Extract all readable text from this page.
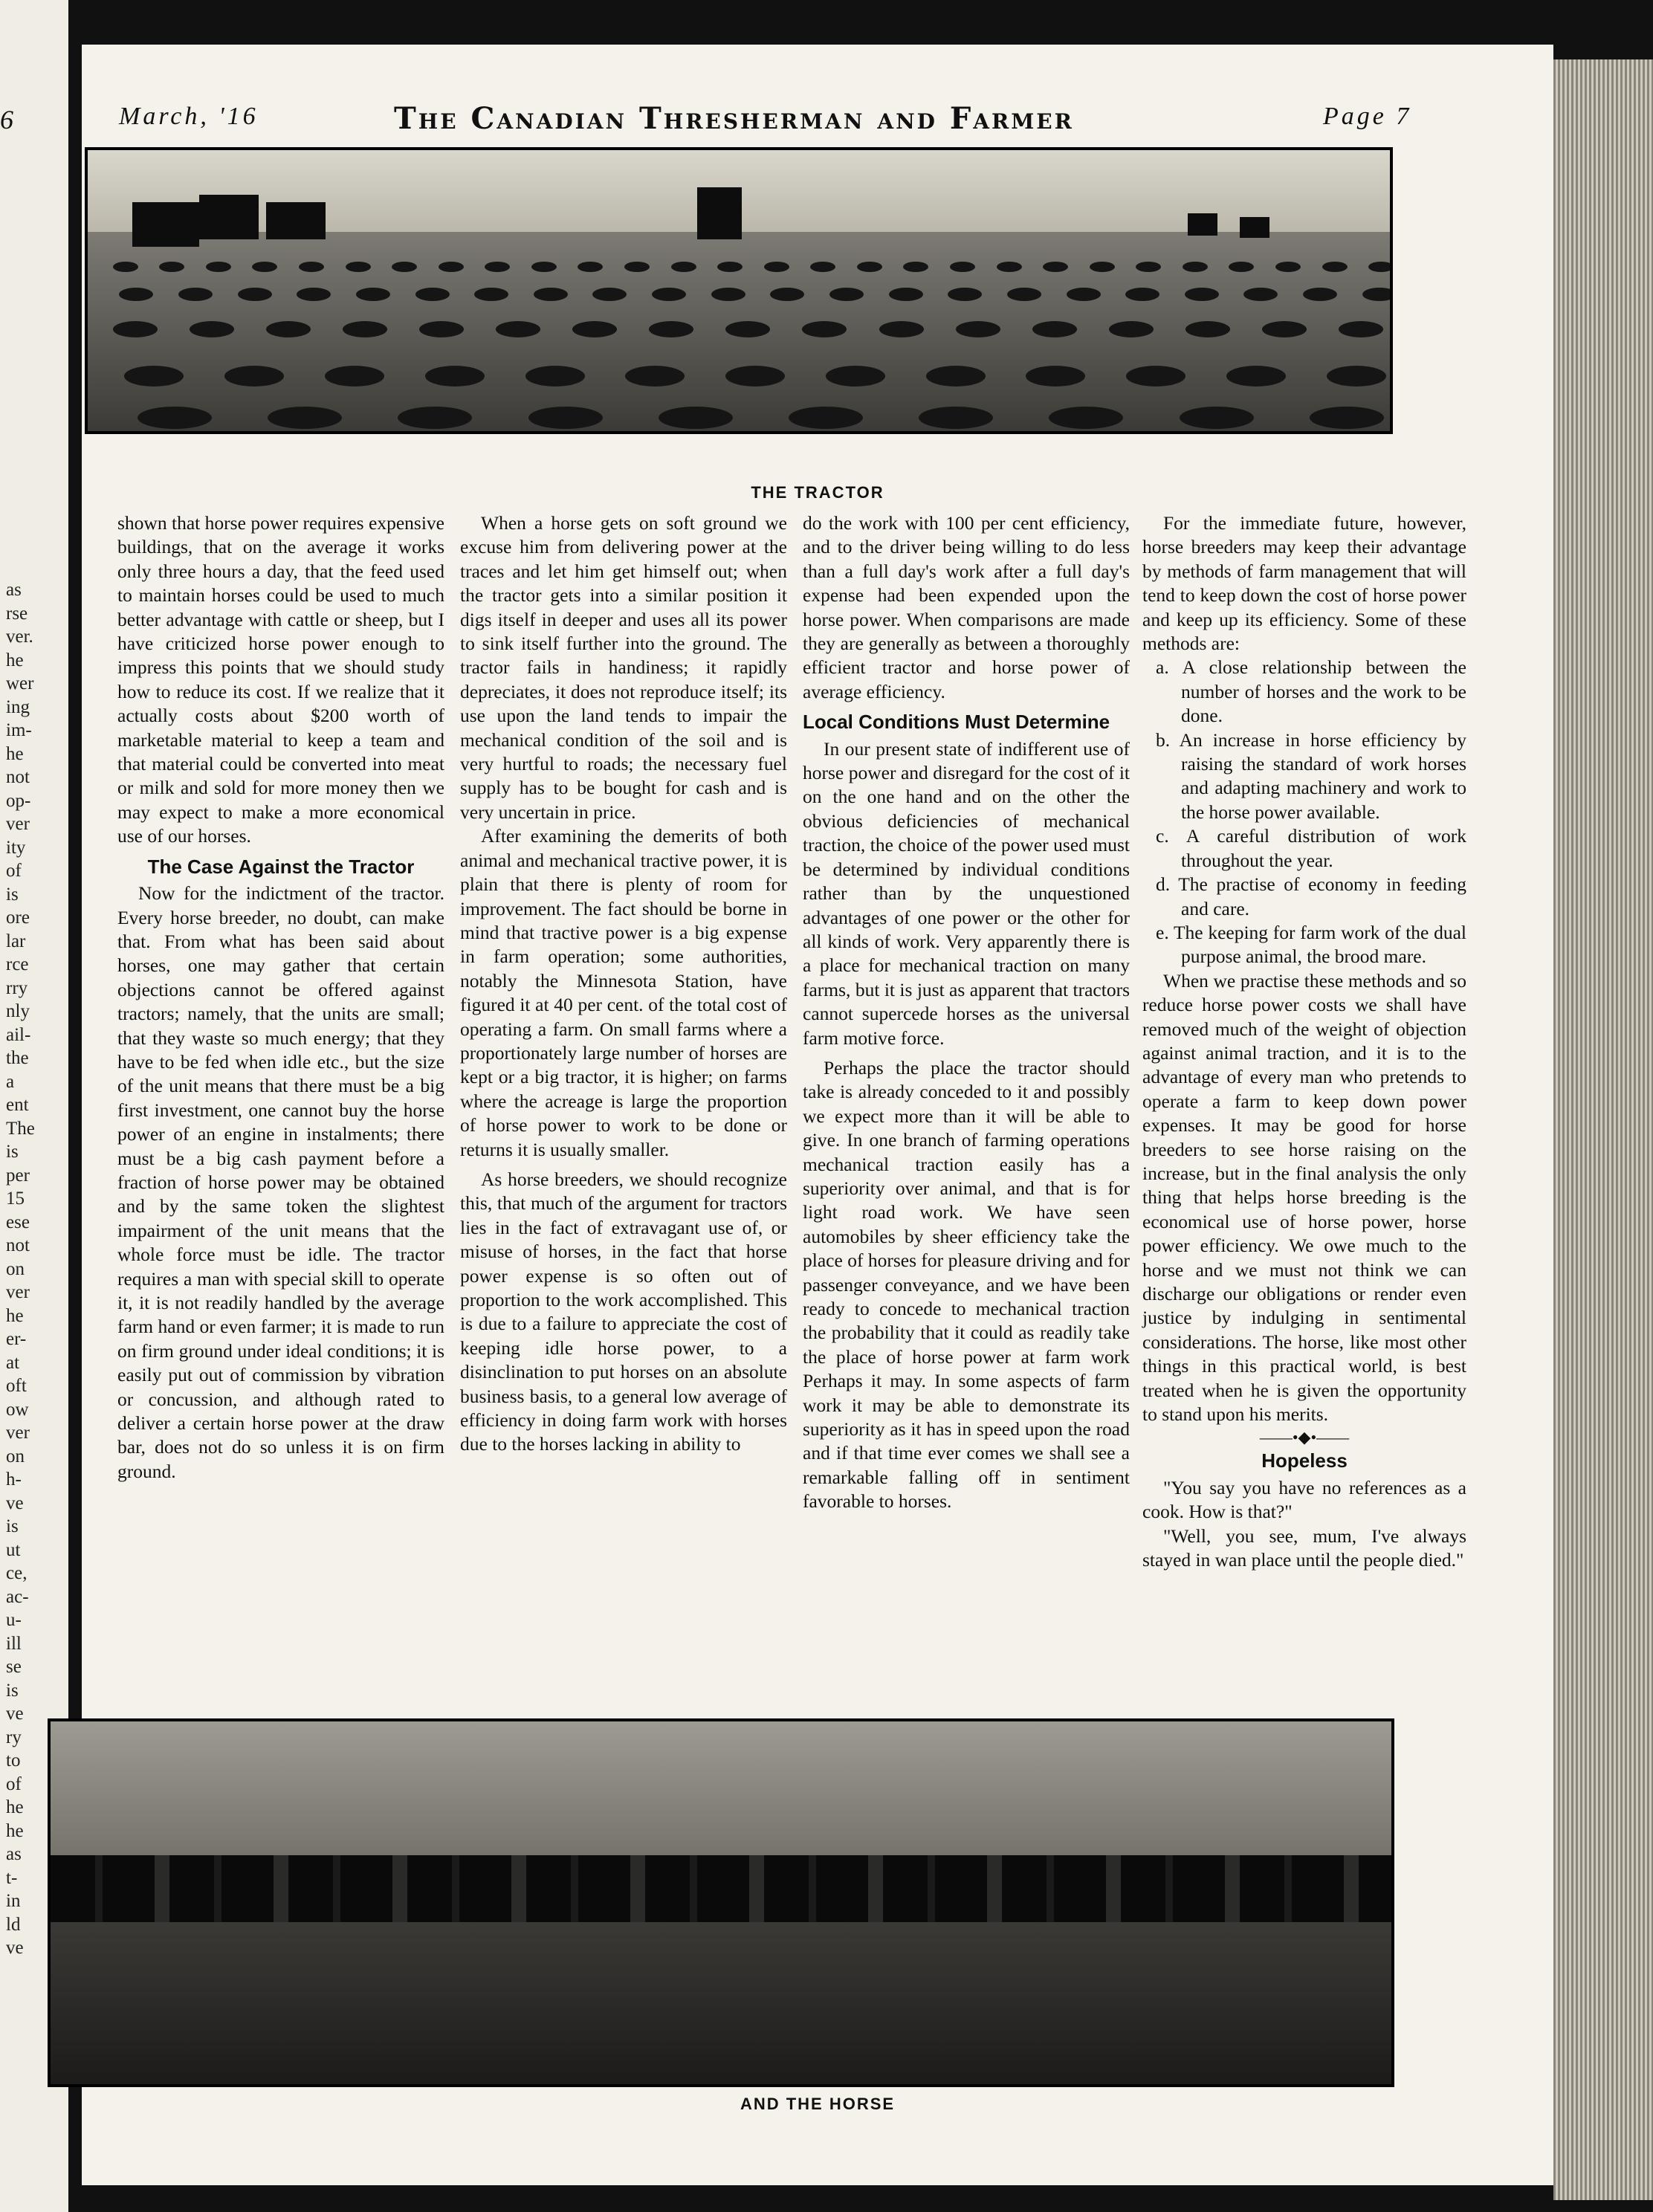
6
as
rse
ver.
he
wer
ing
im-
he
not
op-
ver
ity
of
is
ore
lar
rce
rry
nly
ail-
the
a
ent
The
is
per
15
ese
not
on
ver
he
er-
at
oft
ow
ver
on
h-
ve
is
ut
ce,
ac-
u-
ill
se
is
ve
ry
to
of
he
he
as
t-
in
ld
ve
March, '16	The Canadian Thresherman and Farmer	Page 7
THE TRACTOR

shown that horse power requires expensive buildings, that on the average it works only three hours a day, that the feed used to maintain horses could be used to much better advantage with cattle or sheep, but I have criticized horse power enough to impress this points that we should study how to reduce its cost. If we realize that it actually costs about $200 worth of marketable material to keep a team and that material could be converted into meat or milk and sold for more money then we may expect to make a more economical use of our horses.

The Case Against the Tractor

Now for the indictment of the tractor. Every horse breeder, no doubt, can make that. From what has been said about horses, one may gather that certain objections cannot be offered against tractors; namely, that the units are small; that they waste so much energy; that they have to be fed when idle etc., but the size of the unit means that there must be a big first investment, one cannot buy the horse power of an engine in instalments; there must be a big cash payment before a fraction of horse power may be obtained and by the same token the slightest impairment of the unit means that the whole force must be idle. The tractor requires a man with special skill to operate it, it is not readily handled by the average farm hand or even farmer; it is made to run on firm ground under ideal conditions; it is easily put out of commission by vibration or concussion, and although rated to deliver a certain horse power at the draw bar, does not do so unless it is on firm ground.

When a horse gets on soft ground we excuse him from delivering power at the traces and let him get himself out; when the tractor gets into a similar position it digs itself in deeper and uses all its power to sink itself further into the ground. The tractor fails in handiness; it rapidly depreciates, it does not reproduce itself; its use upon the land tends to impair the mechanical condition of the soil and is very hurtful to roads; the necessary fuel supply has to be bought for cash and is very uncertain in price.

After examining the demerits of both animal and mechanical tractive power, it is plain that there is plenty of room for improvement. The fact should be borne in mind that tractive power is a big expense in farm operation; some authorities, notably the Minnesota Station, have figured it at 40 per cent. of the total cost of operating a farm. On small farms where a proportionately large number of horses are kept or a big tractor, it is higher; on farms where the acreage is large the proportion of horse power to work to be done or returns it is usually smaller.

As horse breeders, we should recognize this, that much of the argument for tractors lies in the fact of extravagant use of, or misuse of horses, in the fact that horse power expense is so often out of proportion to the work accomplished. This is due to a failure to appreciate the cost of keeping idle horse power, to a disinclination to put horses on an absolute business basis, to a general low average of efficiency in doing farm work with horses due to the horses lacking in ability to

do the work with 100 per cent efficiency, and to the driver being willing to do less than a full day's work after a full day's expense had been expended upon the horse power. When comparisons are made they are generally as between a thoroughly efficient tractor and horse power of average efficiency.

Local Conditions Must Determine

In our present state of indifferent use of horse power and disregard for the cost of it on the one hand and on the other the obvious deficiencies of mechanical traction, the choice of the power used must be determined by individual conditions rather than by the unquestioned advantages of one power or the other for all kinds of work. Very apparently there is a place for mechanical traction on many farms, but it is just as apparent that tractors cannot supercede horses as the universal farm motive force.

Perhaps the place the tractor should take is already conceded to it and possibly we expect more than it will be able to give. In one branch of farming operations mechanical traction easily has a superiority over animal, and that is for light road work. We have seen automobiles by sheer efficiency take the place of horses for pleasure driving and for passenger conveyance, and we have been ready to concede to mechanical traction the probability that it could as readily take the place of horse power at farm work Perhaps it may. In some aspects of farm work it may be able to demonstrate its superiority as it has in speed upon the road and if that time ever comes we shall see a remarkable falling off in sentiment favorable to horses.

For the immediate future, however, horse breeders may keep their advantage by methods of farm management that will tend to keep down the cost of horse power and keep up its efficiency. Some of these methods are:

a. A close relationship between the number of horses and the work to be done.

b. An increase in horse efficiency by raising the standard of work horses and adapting machinery and work to the horse power available.

c. A careful distribution of work throughout the year.

d. The practise of economy in feeding and care.

e. The keeping for farm work of the dual purpose animal, the brood mare.

When we practise these methods and so reduce horse power costs we shall have removed much of the weight of objection against animal traction, and it is to the advantage of every man who pretends to operate a farm to keep down power expenses. It may be good for horse breeders to see horse raising on the increase, but in the final analysis the only thing that helps horse breeding is the economical use of horse power, horse power efficiency. We owe much to the horse and we must not think we can discharge our obligations or render even justice by indulging in sentimental considerations. The horse, like most other things in this practical world, is best treated when he is given the opportunity to stand upon his merits.

——•◆•——
Hopeless

"You say you have no references as a cook. How is that?"

"Well, you see, mum, I've always stayed in wan place until the people died."

AND THE HORSE
